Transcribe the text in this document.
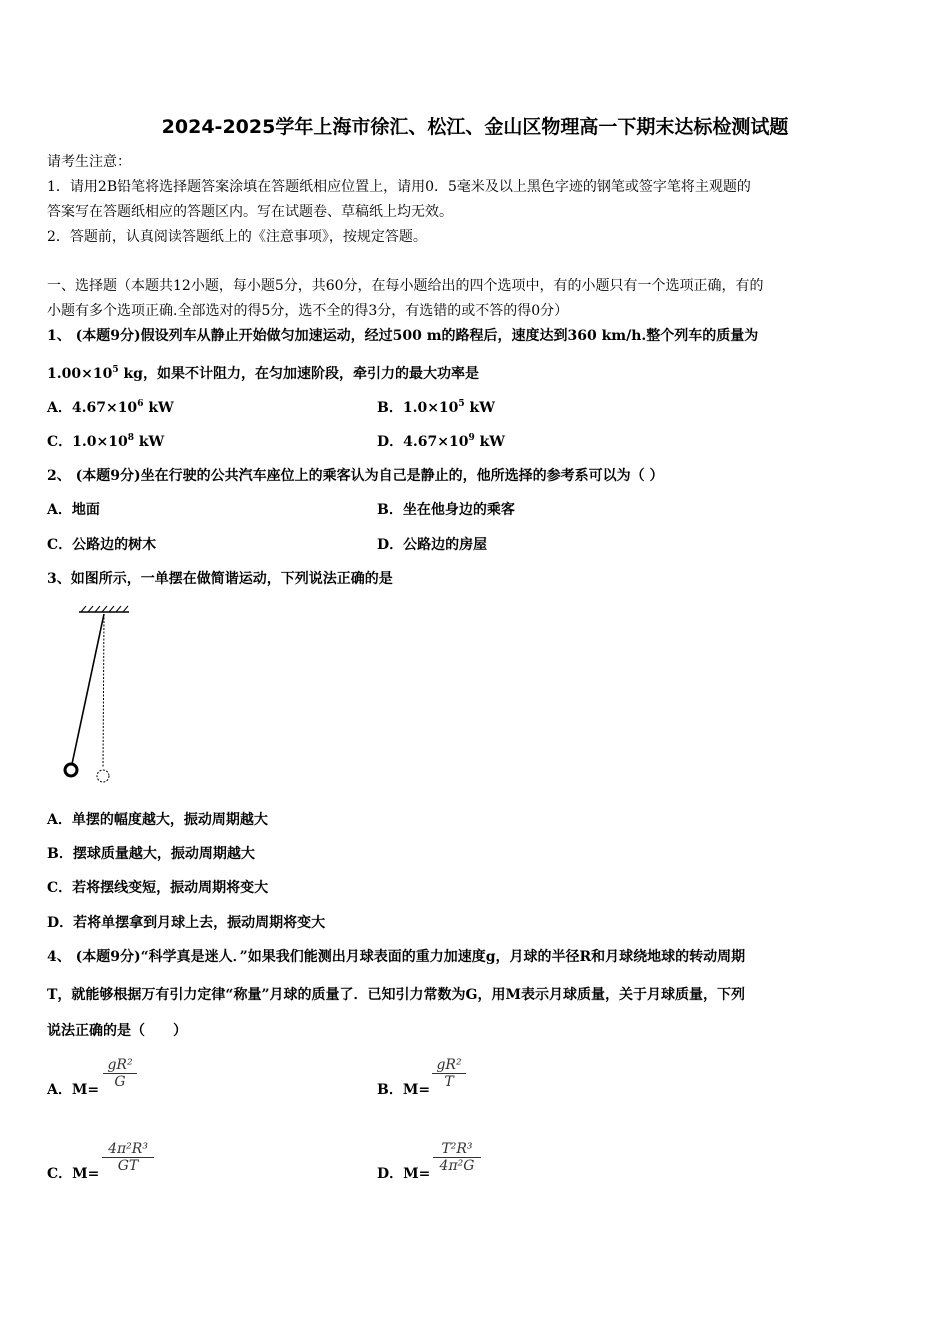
2024-2025学年上海市徐汇、松江、金山区物理高一下期末达标检测试题
请考生注意：
1．请用2B铅笔将选择题答案涂填在答题纸相应位置上，请用0．5毫米及以上黑色字迹的钢笔或签字笔将主观题的
答案写在答题纸相应的答题区内。写在试题卷、草稿纸上均无效。
2．答题前，认真阅读答题纸上的《注意事项》，按规定答题。
一、选择题（本题共12小题，每小题5分，共60分，在每小题给出的四个选项中，有的小题只有一个选项正确，有的
小题有多个选项正确.全部选对的得5分，选不全的得3分，有选错的或不答的得0分）
1、 (本题9分)假设列车从静止开始做匀加速运动，经过500 m的路程后，速度达到360 km/h.整个列车的质量为
$1.00\times 10^5$ kg，如果不计阻力，在匀加速阶段，牵引力的最大功率是
A．$4.67\times 10^6$ kW	B．$1.0\times 10^5$ kW
C．$1.0\times 10^8$ kW	D．$4.67\times 10^9$ kW
2、 (本题9分)坐在行驶的公共汽车座位上的乘客认为自己是静止的，他所选择的参考系可以为（ ）
A．地面	B．坐在他身边的乘客
C．公路边的树木	D．公路边的房屋
3、如图所示，一单摆在做简谐运动，下列说法正确的是
A．单摆的幅度越大，振动周期越大
B．摆球质量越大，振动周期越大
C．若将摆线变短，振动周期将变大
D．若将单摆拿到月球上去，振动周期将变大
4、 (本题9分)“科学真是迷人．”如果我们能测出月球表面的重力加速度g，月球的半径R和月球绕地球的转动周期
T，就能够根据万有引力定律“称量”月球的质量了．已知引力常数为G，用M表示月球质量，关于月球质量，下列
说法正确的是（　　）
A．M=
gR²
G	B．M=
gR²
T
C．M=
4π²R³
GT	D．M=
T²R³
4π²G
